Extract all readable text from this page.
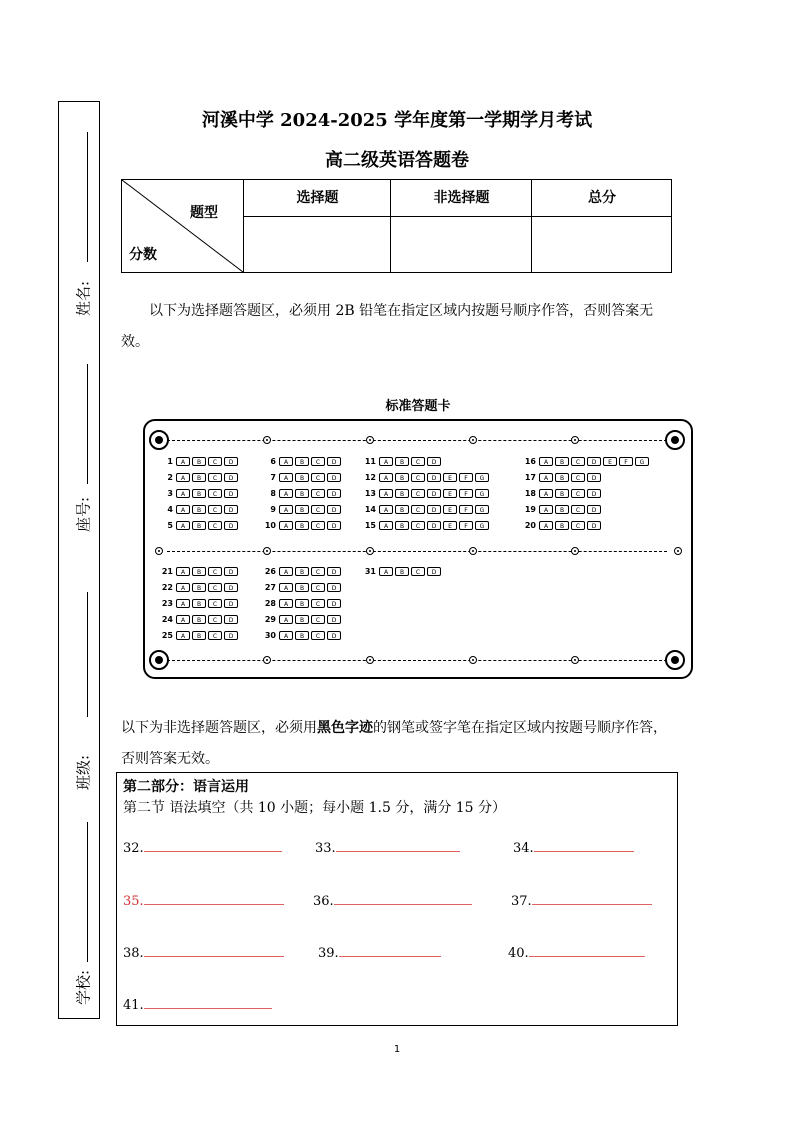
姓名:
座号:
班级:
学校:
河溪中学 2024-2025 学年度第一学期学月考试
高二级英语答题卷
题型
分数
选择题	非选择题	总分
以下为选择题答题区，必须用 2B 铅笔在指定区域内按题号顺序作答，否则答案无效。
标准答题卡
1	A	B	C	D
2	A	B	C	D
3	A	B	C	D
4	A	B	C	D
5	A	B	C	D
6	A	B	C	D
7	A	B	C	D
8	A	B	C	D
9	A	B	C	D
10	A	B	C	D
11	A	B	C	D
12	A	B	C	D	E	F	G
13	A	B	C	D	E	F	G
14	A	B	C	D	E	F	G
15	A	B	C	D	E	F	G
16	A	B	C	D	E	F	G
17	A	B	C	D
18	A	B	C	D
19	A	B	C	D
20	A	B	C	D
21	A	B	C	D
22	A	B	C	D
23	A	B	C	D
24	A	B	C	D
25	A	B	C	D
26	A	B	C	D
27	A	B	C	D
28	A	B	C	D
29	A	B	C	D
30	A	B	C	D
31	A	B	C	D
以下为非选择题答题区，必须用黑色字迹的钢笔或签字笔在指定区域内按题号顺序作答，否则答案无效。
第二部分：语言运用
第二节 语法填空（共 10 小题；每小题 1.5 分，满分 15 分）
32.	33.	34.
35.	36.	37.
38.	39.	40.
41.
1
